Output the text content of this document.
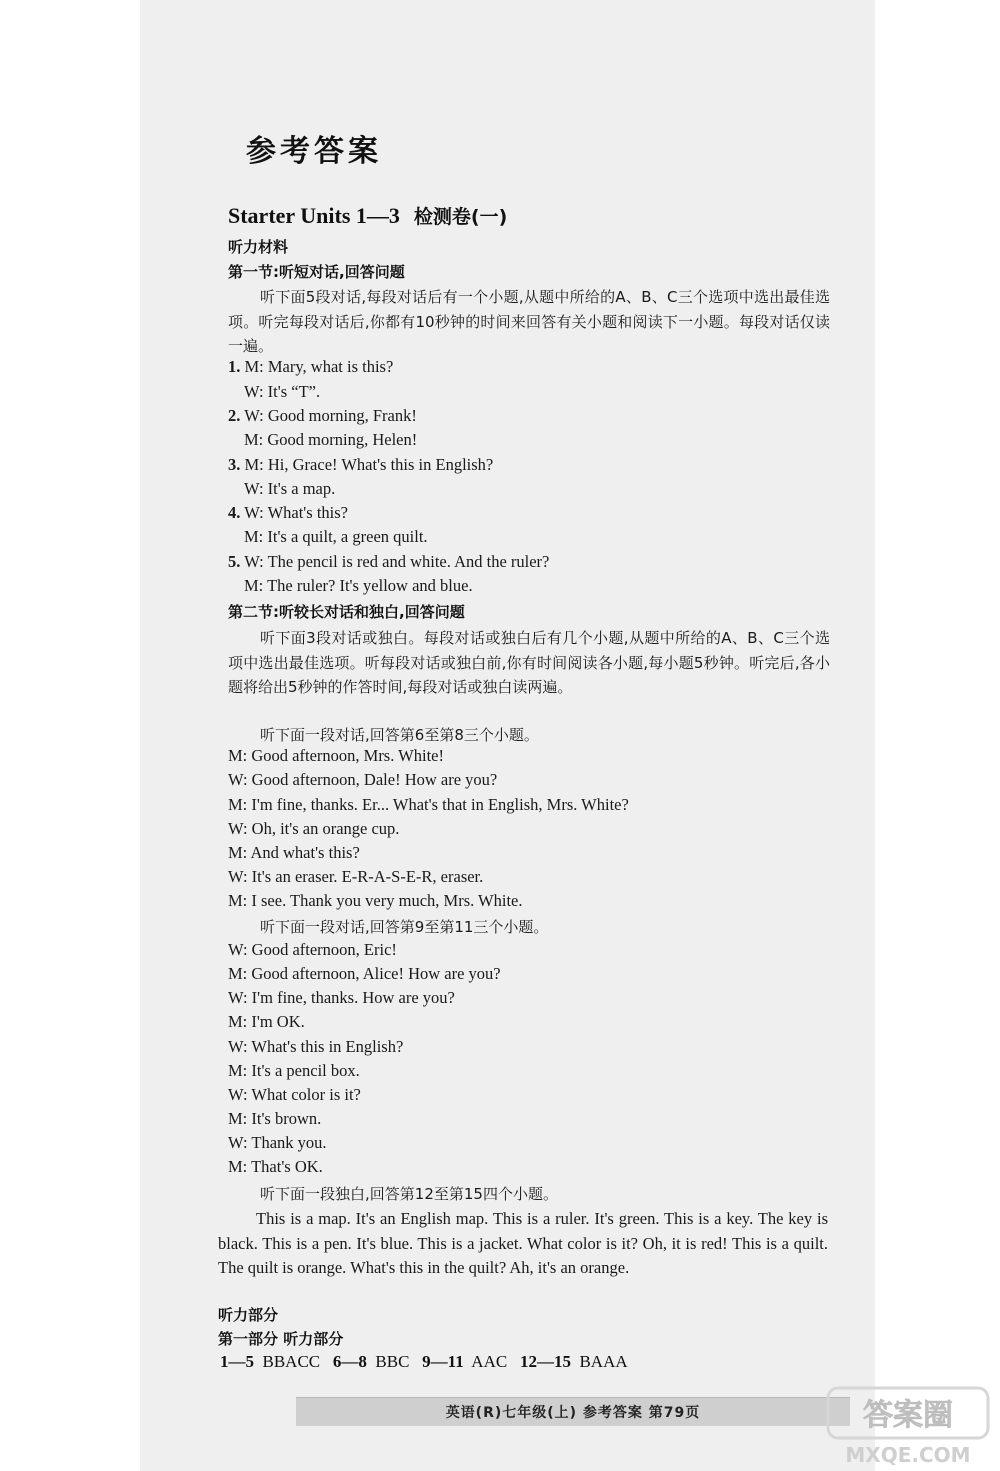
参考答案
Starter Units 1—3 检测卷(一)
听力材料
第一节:听短对话,回答问题
听下面5段对话,每段对话后有一个小题,从题中所给的A、B、C三个选项中选出最佳选项。听完每段对话后,你都有10秒钟的时间来回答有关小题和阅读下一小题。每段对话仅读一遍。
1. M: Mary, what is this?
W: It's “T”.
2. W: Good morning, Frank!
M: Good morning, Helen!
3. M: Hi, Grace! What's this in English?
W: It's a map.
4. W: What's this?
M: It's a quilt, a green quilt.
5. W: The pencil is red and white. And the ruler?
M: The ruler? It's yellow and blue.
第二节:听较长对话和独白,回答问题
听下面3段对话或独白。每段对话或独白后有几个小题,从题中所给的A、B、C三个选项中选出最佳选项。听每段对话或独白前,你有时间阅读各小题,每小题5秒钟。听完后,各小题将给出5秒钟的作答时间,每段对话或独白读两遍。
听下面一段对话,回答第6至第8三个小题。
M: Good afternoon, Mrs. White!
W: Good afternoon, Dale! How are you?
M: I'm fine, thanks. Er... What's that in English, Mrs. White?
W: Oh, it's an orange cup.
M: And what's this?
W: It's an eraser. E-R-A-S-E-R, eraser.
M: I see. Thank you very much, Mrs. White.
听下面一段对话,回答第9至第11三个小题。
W: Good afternoon, Eric!
M: Good afternoon, Alice! How are you?
W: I'm fine, thanks. How are you?
M: I'm OK.
W: What's this in English?
M: It's a pencil box.
W: What color is it?
M: It's brown.
W: Thank you.
M: That's OK.
听下面一段独白,回答第12至第15四个小题。
This is a map. It's an English map. This is a ruler. It's green. This is a key. The key is black. This is a pen. It's blue. This is a jacket. What color is it? Oh, it is red! This is a quilt. The quilt is orange. What's this in the quilt? Ah, it's an orange.
听力部分
第一部分 听力部分
1—5 BBACC 6—8 BBC 9—11 AAC 12—15 BAAA
英语(R)七年级(上) 参考答案 第79页	答案圈
MXQE.COM
